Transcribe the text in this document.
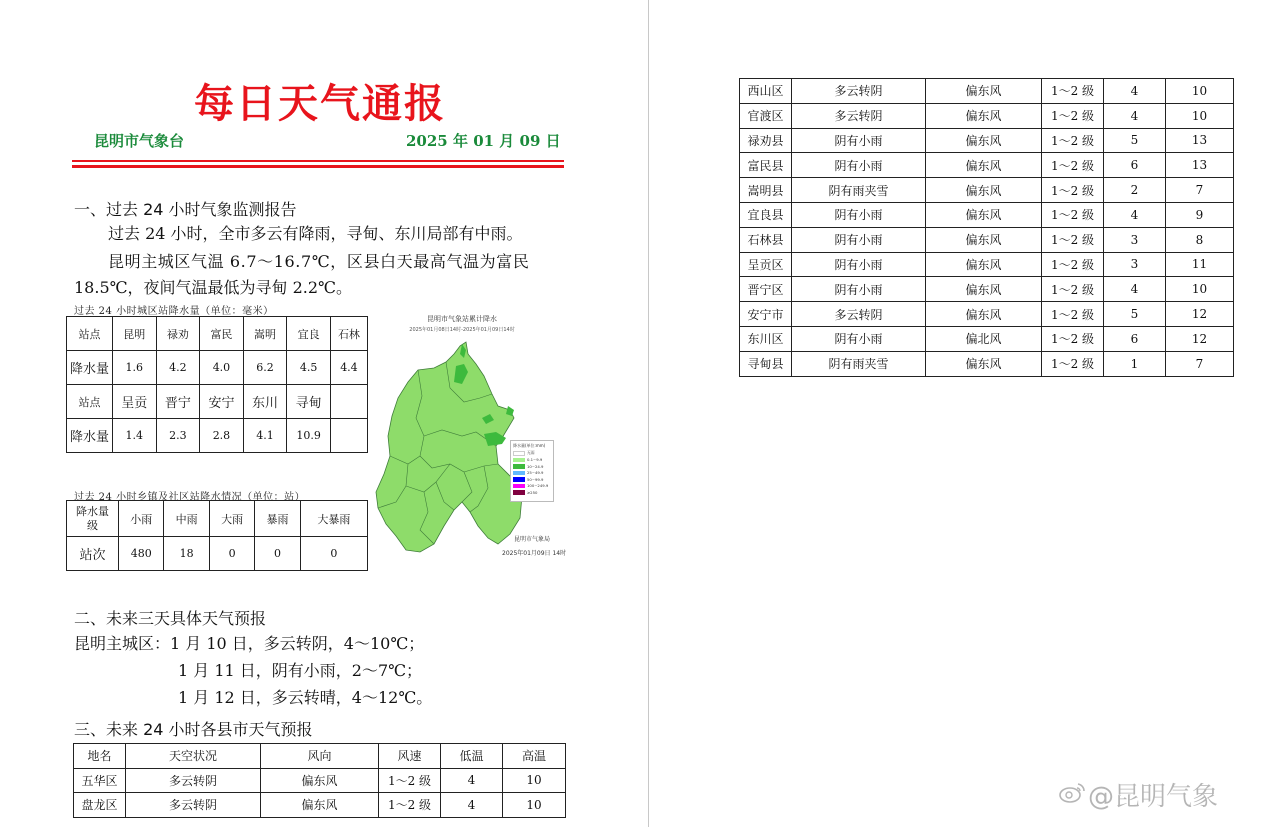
每日天气通报
昆明市气象台	2025 年 01 月 09 日
一、过去 24 小时气象监测报告
过去 24 小时，全市多云有降雨，寻甸、东川局部有中雨。
昆明主城区气温 6.7～16.7℃，区县白天最高气温为富民
18.5℃，夜间气温最低为寻甸 2.2℃。
过去 24 小时城区站降水量（单位：毫米）
站点	昆明	禄劝	富民	嵩明	宜良	石林
降水量	1.6	4.2	4.0	6.2	4.5	4.4
站点	呈贡	晋宁	安宁	东川	寻甸	
降水量	1.4	2.3	2.8	4.1	10.9	
过去 24 小时乡镇及社区站降水情况（单位：站）
降水量级	小雨	中雨	大雨	暴雨	大暴雨
站次	480	18	0	0	0
昆明市气象站累计降水
2025年01月08日14时-2025年01月09日14时
降水量(单位:mm)
无雨
0.1~9.9
10~24.9
25~49.9
50~99.9
100~249.9
≥250
昆明市气象局
2025年01月09日 14时
二、未来三天具体天气预报
昆明主城区：1 月 10 日，多云转阴，4～10℃；
1 月 11 日，阴有小雨，2～7℃；
1 月 12 日，多云转晴，4～12℃。
三、未来 24 小时各县市天气预报
地名	天空状况	风向	风速	低温	高温
五华区	多云转阴	偏东风	1～2 级	4	10
盘龙区	多云转阴	偏东风	1～2 级	4	10
西山区	多云转阴	偏东风	1～2 级	4	10
官渡区	多云转阴	偏东风	1～2 级	4	10
禄劝县	阴有小雨	偏东风	1～2 级	5	13
富民县	阴有小雨	偏东风	1～2 级	6	13
嵩明县	阴有雨夹雪	偏东风	1～2 级	2	7
宜良县	阴有小雨	偏东风	1～2 级	4	9
石林县	阴有小雨	偏东风	1～2 级	3	8
呈贡区	阴有小雨	偏东风	1～2 级	3	11
晋宁区	阴有小雨	偏东风	1～2 级	4	10
安宁市	多云转阴	偏东风	1～2 级	5	12
东川区	阴有小雨	偏北风	1～2 级	6	12
寻甸县	阴有雨夹雪	偏东风	1～2 级	1	7
@昆明气象
